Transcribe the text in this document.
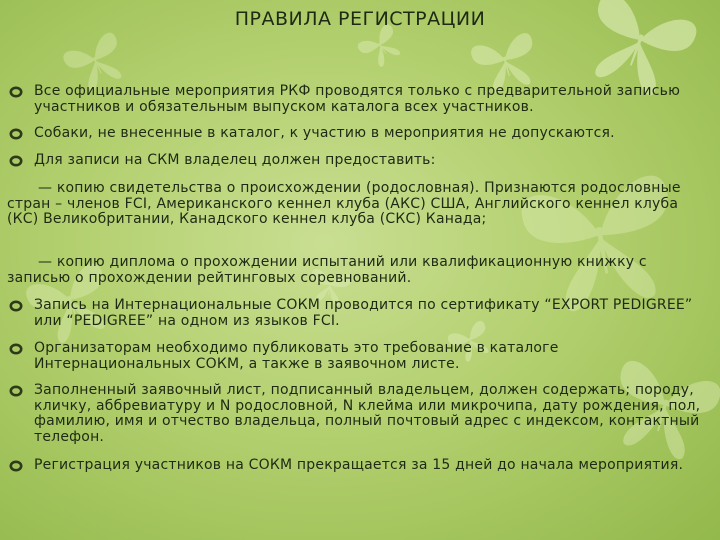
ПРАВИЛА РЕГИСТРАЦИИ
Все официальные мероприятия РКФ проводятся только с предварительной записью участников и обязательным выпуском каталога всех участников.
Собаки, не внесенные в каталог, к участию в мероприятия не допускаются.
Для записи на СКМ владелец должен предоставить:
— копию свидетельства о происхождении (родословная). Признаются родословные стран – членов FCI, Американского кеннел клуба (АКС) США, Английского кеннел клуба (КС) Великобритании, Канадского кеннел клуба (СКС) Канада;
— копию диплома о прохождении испытаний или квалификационную книжку с записью о прохождении рейтинговых соревнований.
Запись на Интернациональные СОКМ проводится по сертификату “EXPORT PEDIGREE” или “PEDIGREE” на одном из языков FCI.
Организаторам необходимо публиковать это требование в каталоге Интернациональных СОКМ, а также в заявочном листе.
Заполненный заявочный лист, подписанный владельцем, должен содержать; породу, кличку, аббревиатуру и N родословной, N клейма или микрочипа, дату рождения, пол, фамилию, имя и отчество владельца, полный почтовый адрес с индексом, контактный телефон.
Регистрация участников на СОКМ прекращается за 15 дней до начала мероприятия.
